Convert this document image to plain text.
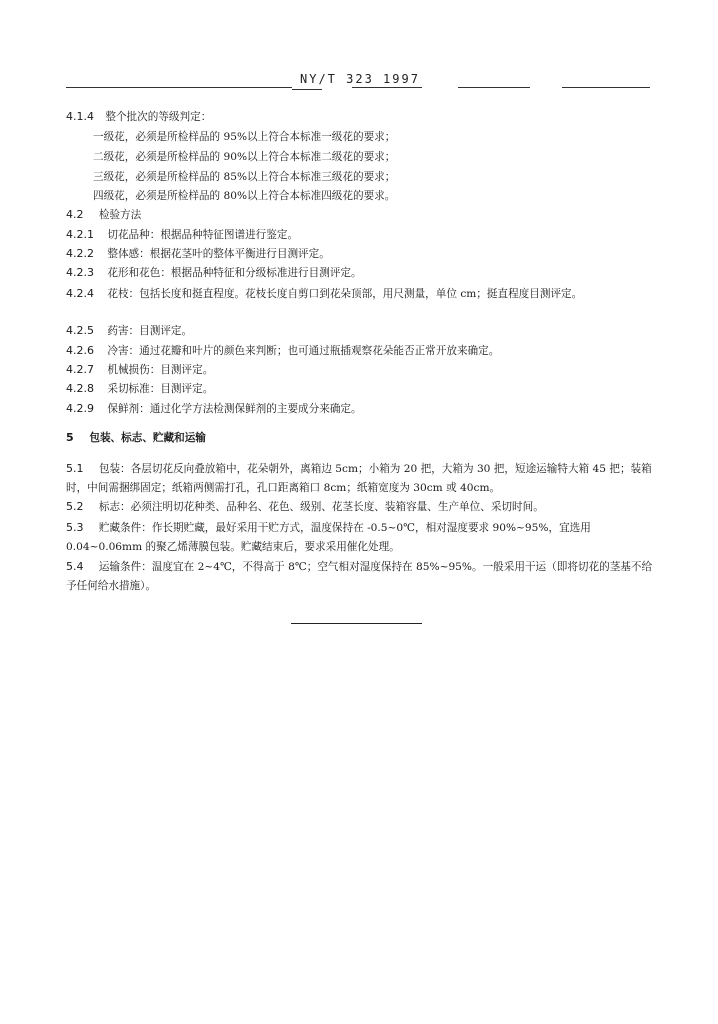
NY/T 323 1997
4.1.4 整个批次的等级判定：
一级花，必须是所检样品的 95%以上符合本标准一级花的要求；
二级花，必须是所检样品的 90%以上符合本标准二级花的要求；
三级花，必须是所检样品的 85%以上符合本标准三级花的要求；
四级花，必须是所检样品的 80%以上符合本标准四级花的要求。
4.2 检验方法
4.2.1 切花品种：根据品种特征图谱进行鉴定。
4.2.2 整体感：根据花茎叶的整体平衡进行目测评定。
4.2.3 花形和花色：根据品种特征和分级标准进行目测评定。
4.2.4 花枝：包括长度和挺直程度。花枝长度自剪口到花朵顶部，用尺测量，单位 cm；挺直程度目测评定。
4.2.5 药害：目测评定。
4.2.6 冷害：通过花瓣和叶片的颜色来判断；也可通过瓶插观察花朵能否正常开放来确定。
4.2.7 机械损伤：目测评定。
4.2.8 采切标准：目测评定。
4.2.9 保鲜剂：通过化学方法检测保鲜剂的主要成分来确定。
5 包装、标志、贮藏和运输
5.1 包装：各层切花反向叠放箱中，花朵朝外，离箱边 5cm；小箱为 20 把，大箱为 30 把，短途运输特大箱 45 把；装箱时，中间需捆绑固定；纸箱两侧需打孔，孔口距离箱口 8cm；纸箱宽度为 30cm 或 40cm。
5.2 标志：必须注明切花种类、品种名、花色、级别、花茎长度、装箱容量、生产单位、采切时间。
5.3 贮藏条件：作长期贮藏，最好采用干贮方式，温度保持在 -0.5~0℃，相对湿度要求 90%~95%，宜选用 0.04~0.06mm 的聚乙烯薄膜包装。贮藏结束后，要求采用催化处理。
5.4 运输条件：温度宜在 2~4℃，不得高于 8℃；空气相对湿度保持在 85%~95%。一般采用干运（即将切花的茎基不给予任何给水措施）。
